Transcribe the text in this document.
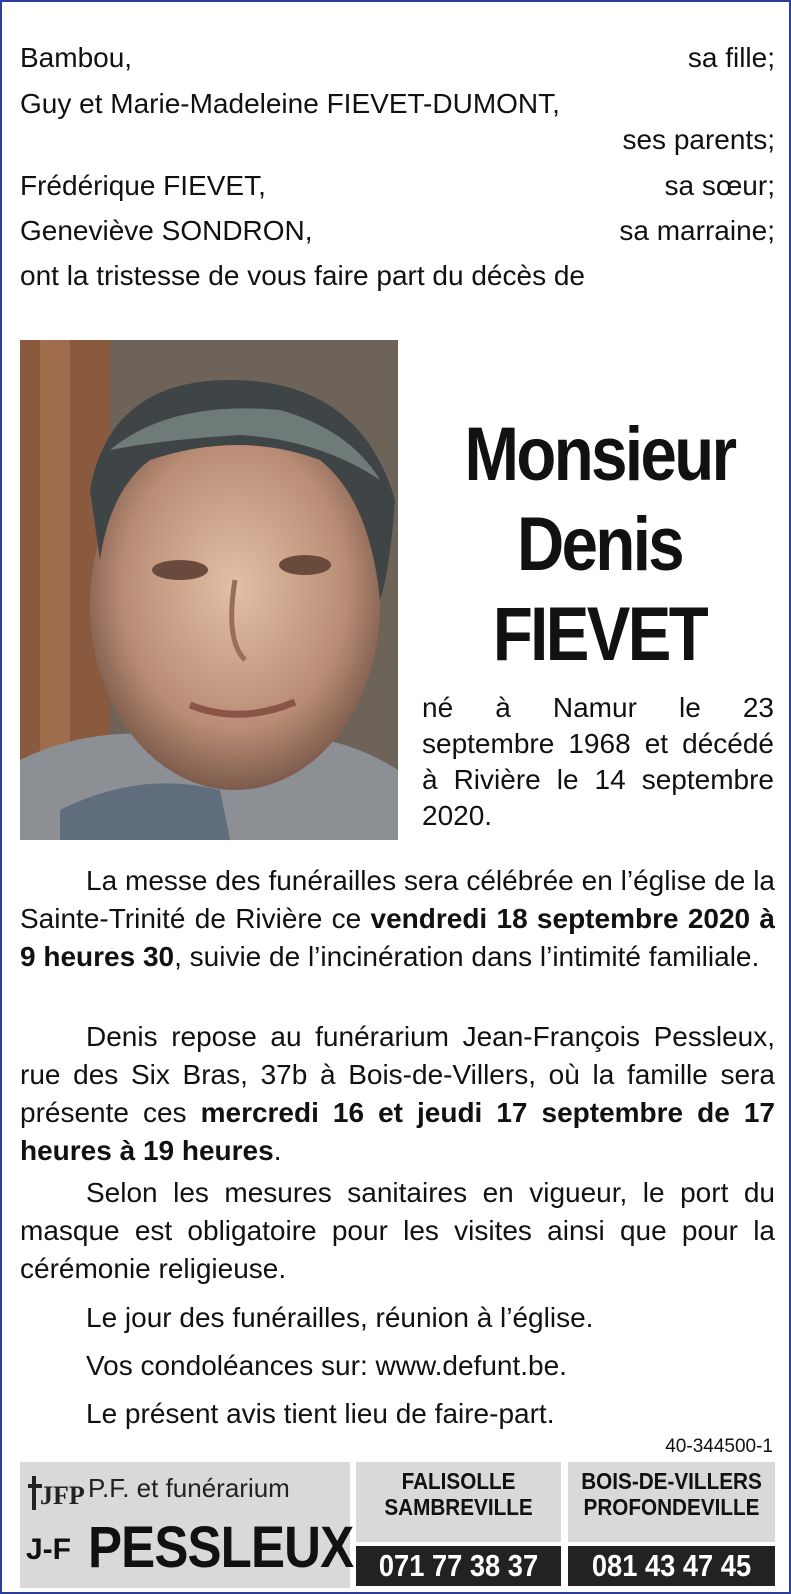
Bambou,	sa fille;
Guy et Marie-Madeleine FIEVET-DUMONT,
ses parents;
Frédérique FIEVET,	sa sœur;
Geneviève SONDRON,	sa marraine;
ont la tristesse de vous faire part du décès de
Monsieur
Denis
FIEVET
né à Namur le 23 septembre 1968 et décédé à Rivière le 14 septembre 2020.

La messe des funérailles sera célébrée en l’église de la Sainte-Trinité de Rivière ce vendredi 18 septembre 2020 à 9 heures 30, suivie de l’incinération dans l’intimité familiale.

Denis repose au funérarium Jean-François Pessleux, rue des Six Bras, 37b à Bois-de-Villers, où la famille sera présente ces mercredi 16 et jeudi 17 septembre de 17 heures à 19 heures.

Selon les mesures sanitaires en vigueur, le port du masque est obligatoire pour les visites ainsi que pour la cérémonie religieuse.

Le jour des funérailles, réunion à l’église.
Vos condoléances sur: www.defunt.be.
Le présent avis tient lieu de faire-part.
40-344500-1
JFP P.F. et funérarium
J-F PESSLEUX
FALISOLLE
SAMBREVILLE
071 77 38 37
BOIS-DE-VILLERS
PROFONDEVILLE
081 43 47 45
